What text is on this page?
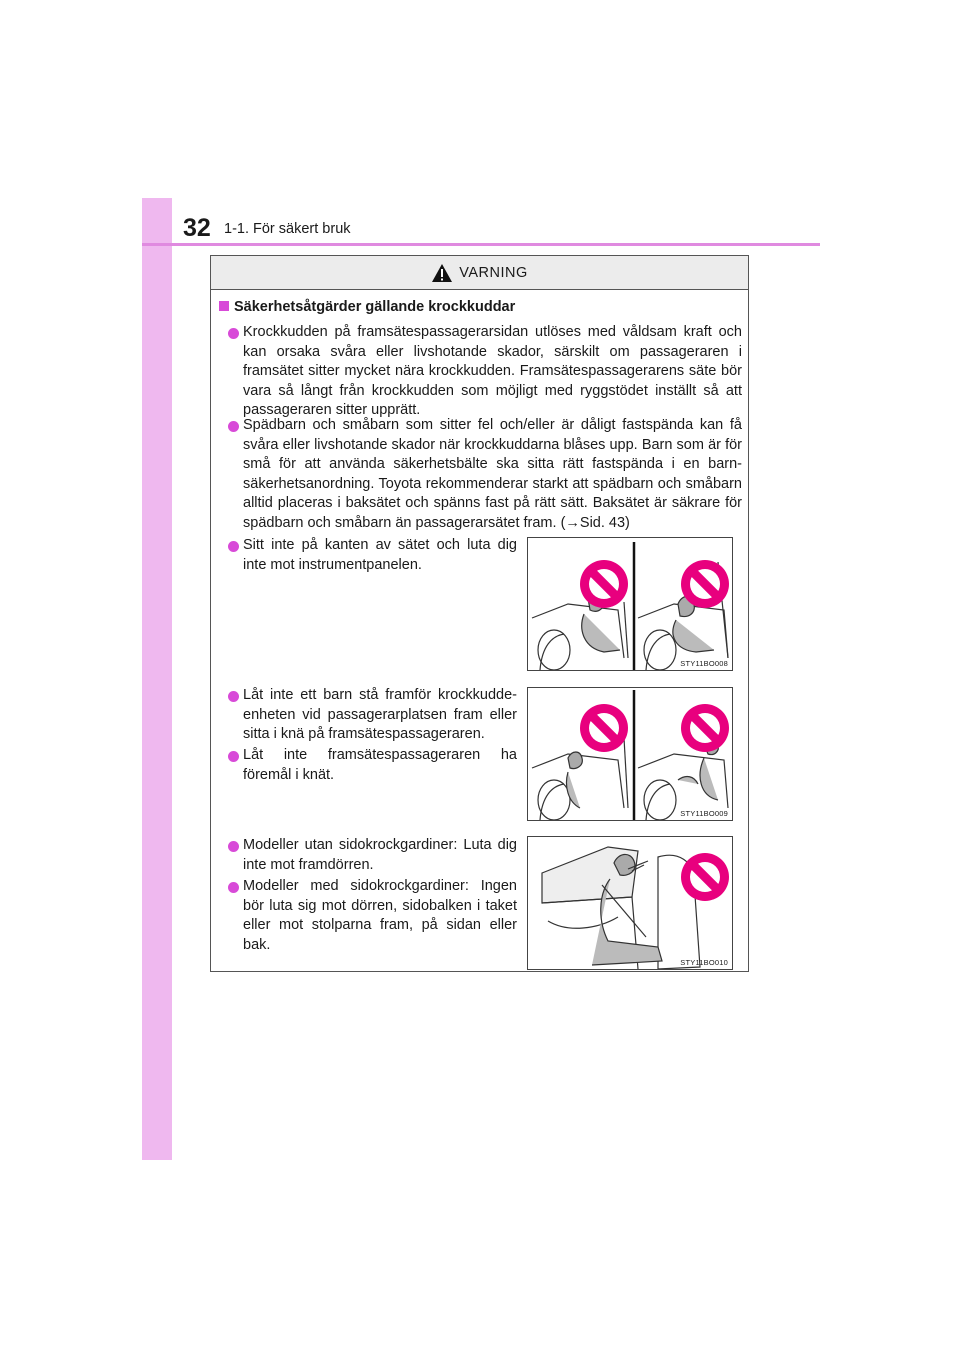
32 1-1. För säkert bruk
VARNING
Säkerhetsåtgärder gällande krockkuddar
Krockkudden på framsätespassagerarsidan utlöses med våldsam kraft och kan orsaka svåra eller livshotande skador, särskilt om passageraren i framsätet sitter mycket nära krockkudden. Framsätespassagerarens säte bör vara så långt från krockkudden som möjligt med ryggstödet inställt så att passageraren sitter upprätt.
Spädbarn och småbarn som sitter fel och/eller är dåligt fastspända kan få svåra eller livshotande skador när krockkuddarna blåses upp. Barn som är för små för att använda säkerhetsbälte ska sitta rätt fastspända i en barn-säkerhetsanordning. Toyota rekommenderar starkt att spädbarn och småbarn alltid placeras i baksätet och spänns fast på rätt sätt. Baksätet är säkrare för spädbarn och småbarn än passagerarsätet fram. (→Sid. 43)
Sitt inte på kanten av sätet och luta dig inte mot instrumentpanelen.
Låt inte ett barn stå framför krockkudde-enheten vid passagerarplatsen fram eller sitta i knä på framsätespassageraren.
Låt inte framsätespassageraren ha föremål i knät.
Modeller utan sidokrockgardiner: Luta dig inte mot framdörren.
Modeller med sidokrockgardiner: Ingen bör luta sig mot dörren, sidobalken i taket eller mot stolparna fram, på sidan eller bak.
STY11BO008
STY11BO009
STY11BO010
